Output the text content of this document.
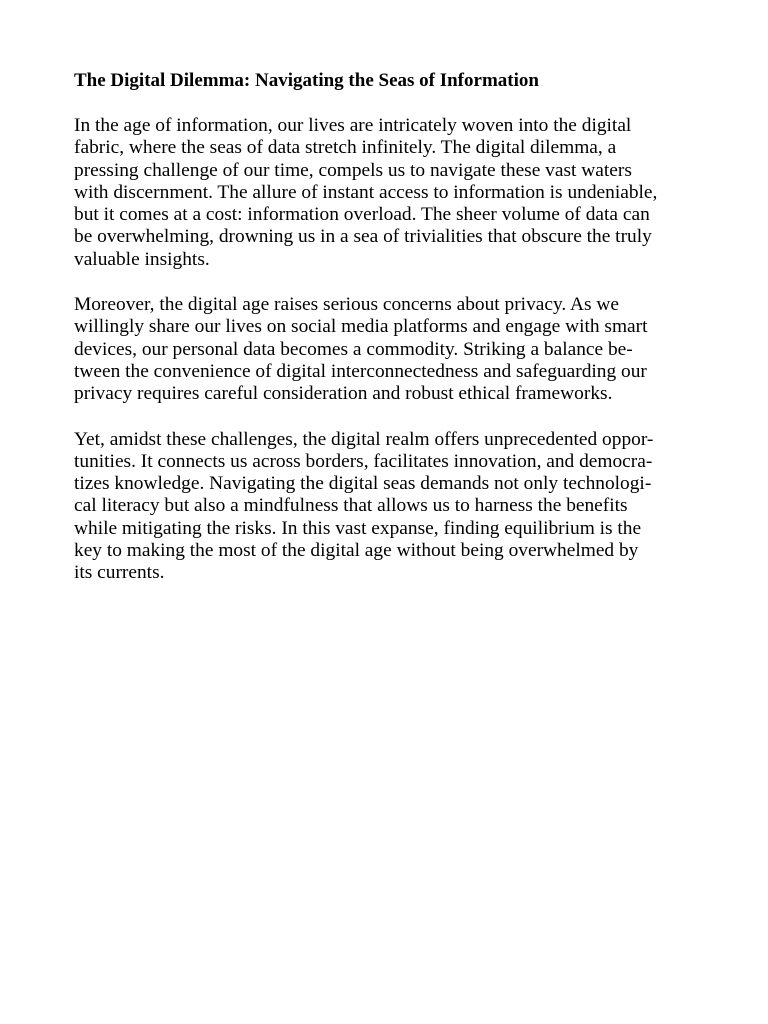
The Digital Dilemma: Navigating the Seas of Information

In the age of information, our lives are intricately woven into the digital
fabric, where the seas of data stretch infinitely. The digital dilemma, a
pressing challenge of our time, compels us to navigate these vast waters
with discernment. The allure of instant access to information is undeniable,
but it comes at a cost: information overload. The sheer volume of data can
be overwhelming, drowning us in a sea of trivialities that obscure the truly
valuable insights.

Moreover, the digital age raises serious concerns about privacy. As we
willingly share our lives on social media platforms and engage with smart
devices, our personal data becomes a commodity. Striking a balance be-
tween the convenience of digital interconnectedness and safeguarding our
privacy requires careful consideration and robust ethical frameworks.

Yet, amidst these challenges, the digital realm offers unprecedented oppor-
tunities. It connects us across borders, facilitates innovation, and democra-
tizes knowledge. Navigating the digital seas demands not only technologi-
cal literacy but also a mindfulness that allows us to harness the benefits
while mitigating the risks. In this vast expanse, finding equilibrium is the
key to making the most of the digital age without being overwhelmed by
its currents.
